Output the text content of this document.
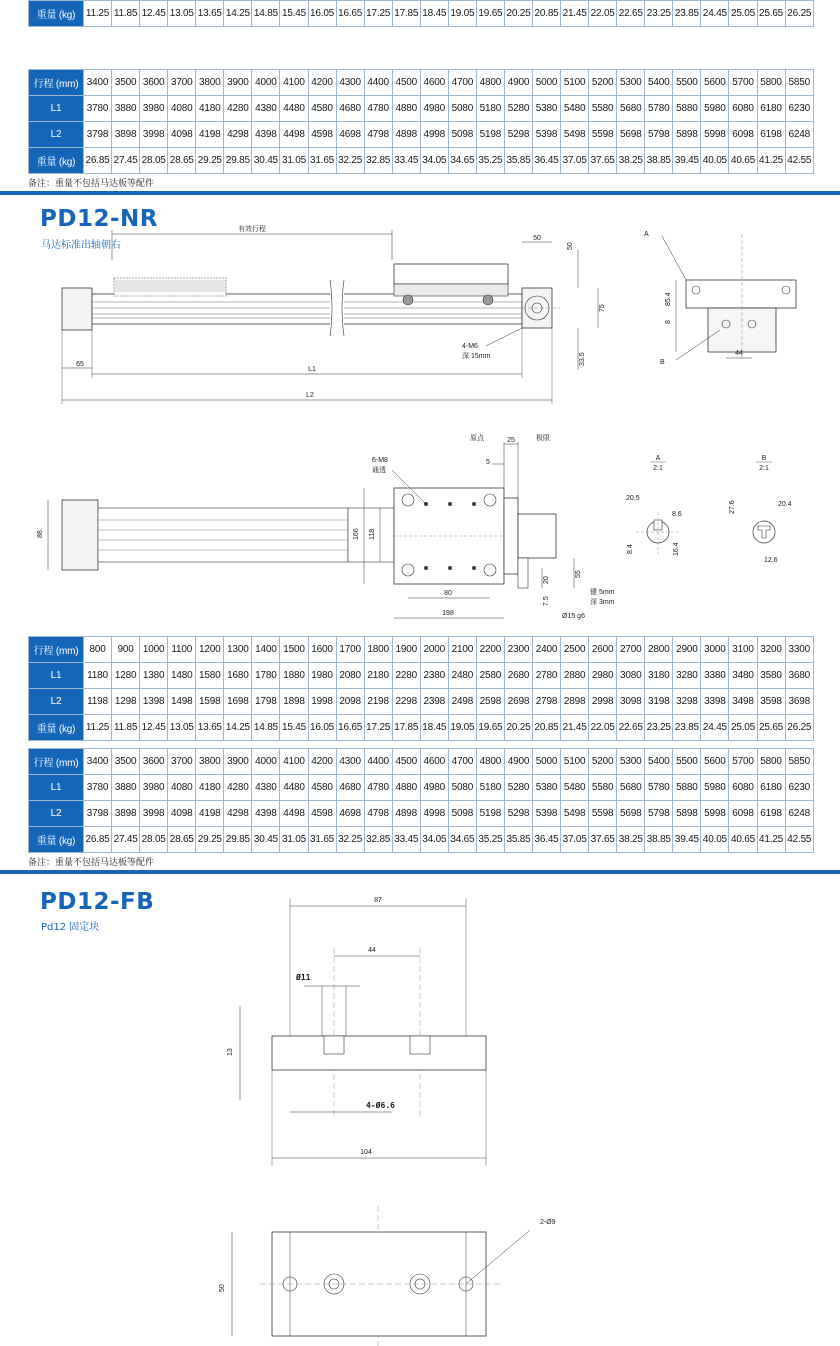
重量 (kg)	11.25	11.85	12.45	13.05	13.65	14.25	14.85	15.45	16.05	16.65	17.25	17.85	18.45	19.05	19.65	20.25	20.85	21.45	22.05	22.65	23.25	23.85	24.45	25.05	25.65	26.25
行程 (mm)	3400	3500	3600	3700	3800	3900	4000	4100	4200	4300	4400	4500	4600	4700	4800	4900	5000	5100	5200	5300	5400	5500	5600	5700	5800	5850
L1	3780	3880	3980	4080	4180	4280	4380	4480	4580	4680	4780	4880	4980	5080	5180	5280	5380	5480	5580	5680	5780	5880	5980	6080	6180	6230
L2	3798	3898	3998	4098	4198	4298	4398	4498	4598	4698	4798	4898	4998	5098	5198	5298	5398	5498	5598	5698	5798	5898	5998	6098	6198	6248
重量 (kg)	26.85	27.45	28.05	28.65	29.25	29.85	30.45	31.05	31.65	32.25	32.85	33.45	34.05	34.65	35.25	35.85	36.45	37.05	37.65	38.25	38.85	39.45	40.05	40.65	41.25	42.55
备注：重量不包括马达板等配件
PD12-NR
马达标准出轴朝右
有效行程
50
50
75
33.5
4-M6
深 15mm
65
L1
L2
A
B
85.4
8
44
原点	极限
25
5
6-M8
通透
88	166 118
80
198
55
20
7.5
键 5mm
深 3mm
Ø15 g6
A
2:1
20.5
8.6
8.4	16.4
B
2:1
27.6	20.4
12.6
行程 (mm)	800	900	1000	1100	1200	1300	1400	1500	1600	1700	1800	1900	2000	2100	2200	2300	2400	2500	2600	2700	2800	2900	3000	3100	3200	3300
L1	1180	1280	1380	1480	1580	1680	1780	1880	1980	2080	2180	2280	2380	2480	2580	2680	2780	2880	2980	3080	3180	3280	3380	3480	3580	3680
L2	1198	1298	1398	1498	1598	1698	1798	1898	1998	2098	2198	2298	2398	2498	2598	2698	2798	2898	2998	3098	3198	3298	3398	3498	3598	3698
重量 (kg)	11.25	11.85	12.45	13.05	13.65	14.25	14.85	15.45	16.05	16.65	17.25	17.85	18.45	19.05	19.65	20.25	20.85	21.45	22.05	22.65	23.25	23.85	24.45	25.05	25.65	26.25
行程 (mm)	3400	3500	3600	3700	3800	3900	4000	4100	4200	4300	4400	4500	4600	4700	4800	4900	5000	5100	5200	5300	5400	5500	5600	5700	5800	5850
L1	3780	3880	3980	4080	4180	4280	4380	4480	4580	4680	4780	4880	4980	5080	5180	5280	5380	5480	5580	5680	5780	5880	5980	6080	6180	6230
L2	3798	3898	3998	4098	4198	4298	4398	4498	4598	4698	4798	4898	4998	5098	5198	5298	5398	5498	5598	5698	5798	5898	5998	6098	6198	6248
重量 (kg)	26.85	27.45	28.05	28.65	29.25	29.85	30.45	31.05	31.65	32.25	32.85	33.45	34.05	34.65	35.25	35.85	36.45	37.05	37.65	38.25	38.85	39.45	40.05	40.65	41.25	42.55
备注：重量不包括马达板等配件
PD12-FB
Pd12 固定块
87
44
Ø11
13
4-Ø6.6
104
2-Ø9
50
